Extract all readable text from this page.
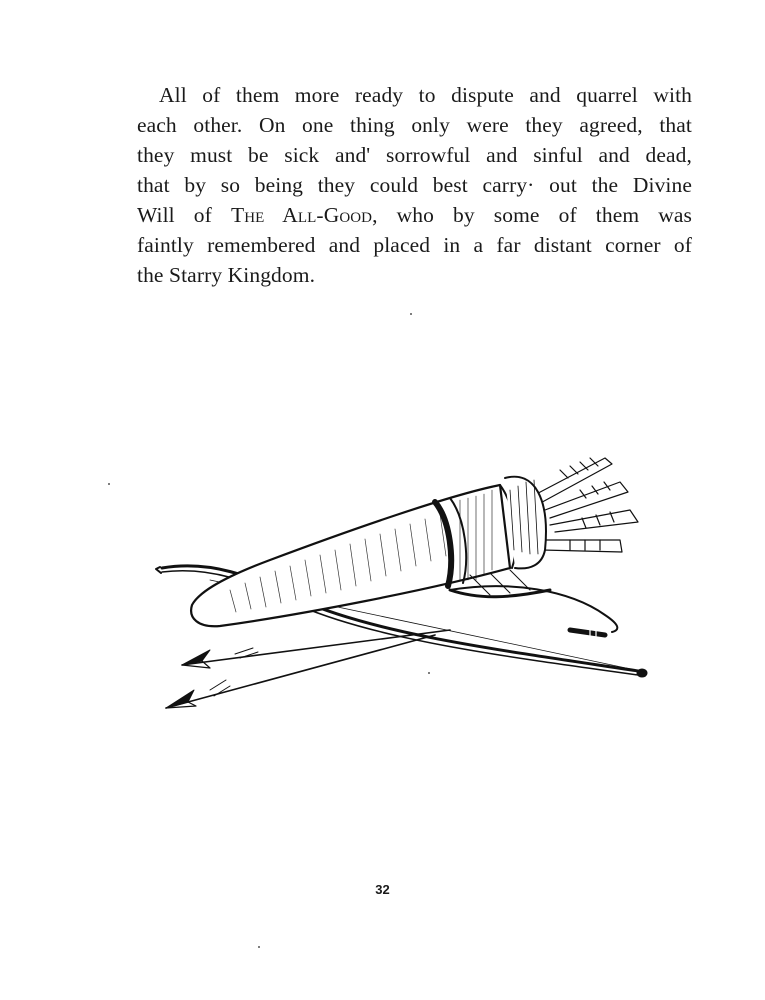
All of them more ready to dispute and quarrel with
each other. On one thing only were they agreed, that
they must be sick and' sorrowful and sinful and dead,
that by so being they could best carry· out the Divine
Will of The All-Good, who by some of them was
faintly remembered and placed in a far distant corner of
the Starry Kingdom.
32
